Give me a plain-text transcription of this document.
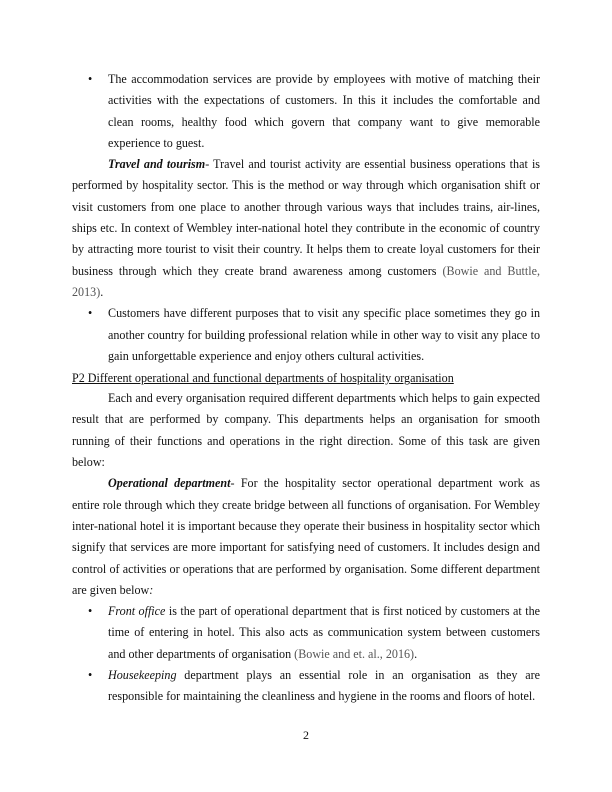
• The accommodation services are provide by employees with motive of matching their activities with the expectations of customers. In this it includes the comfortable and clean rooms, healthy food which govern that company want to give memorable experience to guest.

Travel and tourism- Travel and tourist activity are essential business operations that is performed by hospitality sector. This is the method or way through which organisation shift or visit customers from one place to another through various ways that includes trains, air-lines, ships etc. In context of Wembley inter-national hotel they contribute in the economic of country by attracting more tourist to visit their country. It helps them to create loyal customers for their business through which they create brand awareness among customers (Bowie and Buttle, 2013).

• Customers have different purposes that to visit any specific place sometimes they go in another country for building professional relation while in other way to visit any place to gain unforgettable experience and enjoy others cultural activities.

P2 Different operational and functional departments of hospitality organisation

Each and every organisation required different departments which helps to gain expected result that are performed by company. This departments helps an organisation for smooth running of their functions and operations in the right direction. Some of this task are given below:

Operational department- For the hospitality sector operational department work as entire role through which they create bridge between all functions of organisation. For Wembley inter-national hotel it is important because they operate their business in hospitality sector which signify that services are more important for satisfying need of customers. It includes design and control of activities or operations that are performed by organisation. Some different department are given below:

• Front office is the part of operational department that is first noticed by customers at the time of entering in hotel. This also acts as communication system between customers and other departments of organisation (Bowie and et. al., 2016).
• Housekeeping department plays an essential role in an organisation as they are responsible for maintaining the cleanliness and hygiene in the rooms and floors of hotel.
2
